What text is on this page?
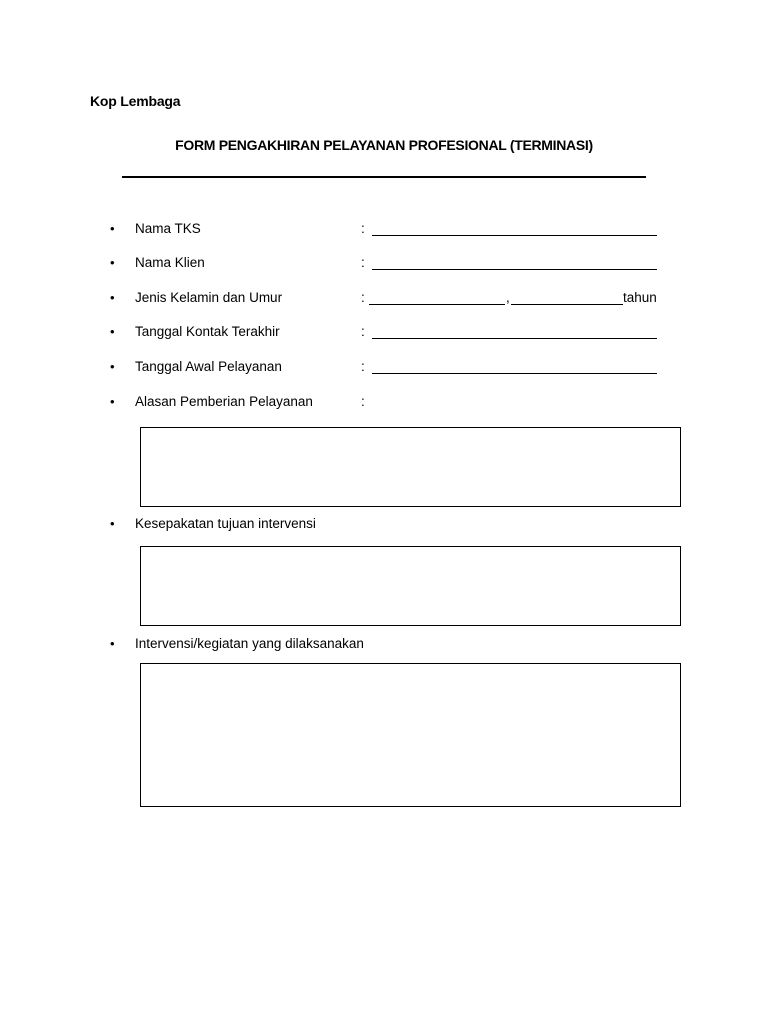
Kop Lembaga
FORM PENGAKHIRAN PELAYANAN PROFESIONAL (TERMINASI)
• Nama TKS	:
• Nama Klien	:
• Jenis Kelamin dan Umur	:	,	tahun
• Tanggal Kontak Terakhir	:
• Tanggal Awal Pelayanan	:
• Alasan Pemberian Pelayanan	:
• Kesepakatan tujuan intervensi
• Intervensi/kegiatan yang dilaksanakan
